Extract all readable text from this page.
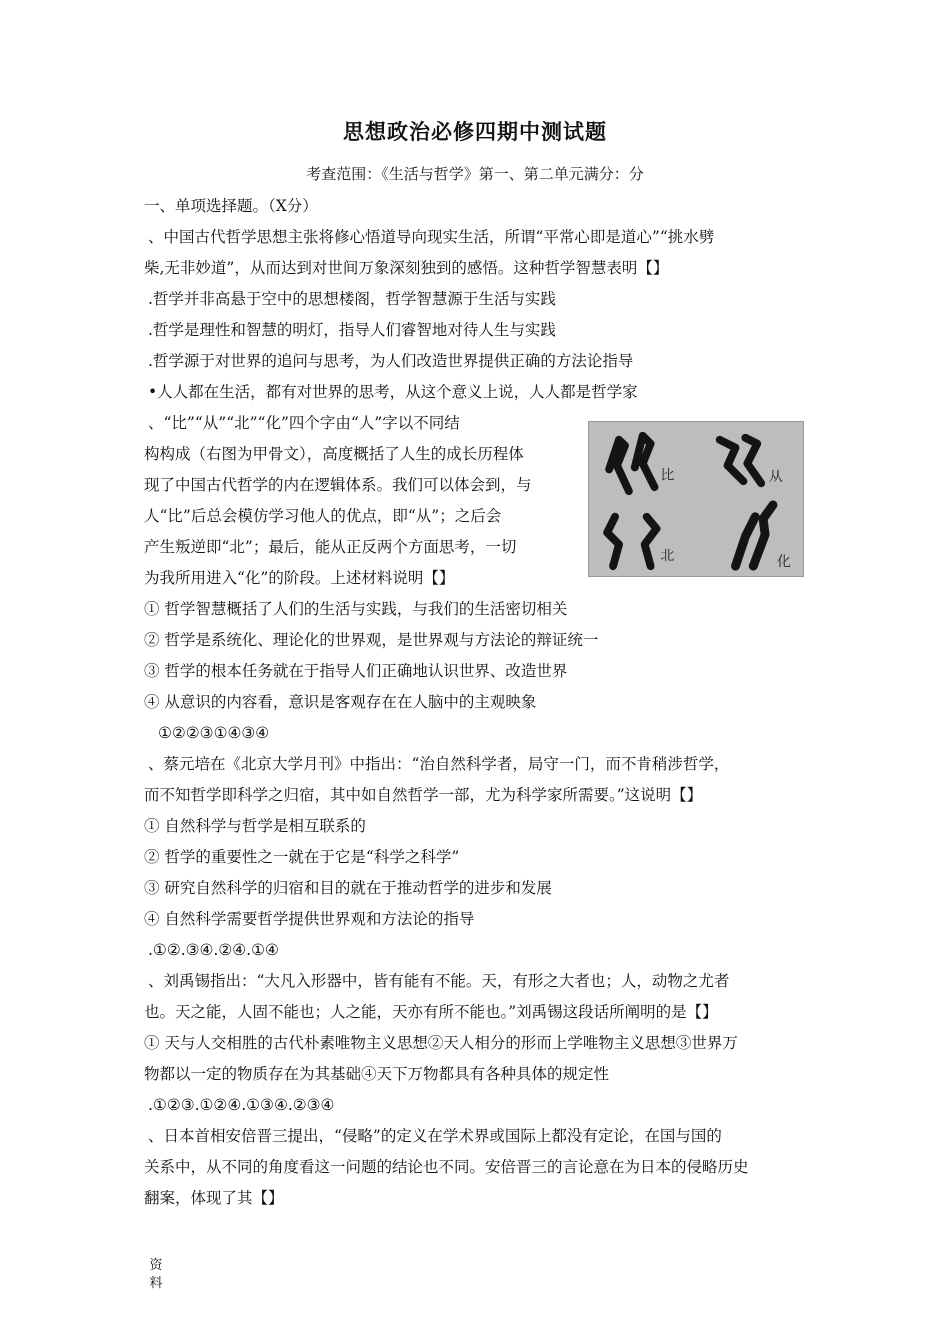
思想政治必修四期中测试题
考查范围：《生活与哲学》第一、第二单元满分：分
一、单项选择题。（X分）
、中国古代哲学思想主张将修心悟道导向现实生活，所谓“平常心即是道心”“挑水劈
柴,无非妙道”，从而达到对世间万象深刻独到的感悟。这种哲学智慧表明【】
.哲学并非高悬于空中的思想楼阁，哲学智慧源于生活与实践
.哲学是理性和智慧的明灯，指导人们睿智地对待人生与实践
.哲学源于对世界的追问与思考，为人们改造世界提供正确的方法论指导
•人人都在生活，都有对世界的思考，从这个意义上说，人人都是哲学家
、“比”“从”“北”“化”四个字由“人”字以不同结
构构成（右图为甲骨文），高度概括了人生的成长历程体
现了中国古代哲学的内在逻辑体系。我们可以体会到，与
人“比”后总会模仿学习他人的优点，即“从”；之后会
产生叛逆即“北”；最后，能从正反两个方面思考，一切
为我所用进入“化”的阶段。上述材料说明【】
比	从
北	化
① 哲学智慧概括了人们的生活与实践，与我们的生活密切相关
② 哲学是系统化、理论化的世界观，是世界观与方法论的辩证统一
③ 哲学的根本任务就在于指导人们正确地认识世界、改造世界
④ 从意识的内容看，意识是客观存在在人脑中的主观映象
①②②③①④③④
、蔡元培在《北京大学月刊》中指出：“治自然科学者，局守一门，而不肯稍涉哲学，
而不知哲学即科学之归宿，其中如自然哲学一部，尤为科学家所需要。”这说明【】
① 自然科学与哲学是相互联系的
② 哲学的重要性之一就在于它是“科学之科学”
③ 研究自然科学的归宿和目的就在于推动哲学的进步和发展
④ 自然科学需要哲学提供世界观和方法论的指导
.①②.③④.②④.①④
、刘禹锡指出：“大凡入形器中，皆有能有不能。天，有形之大者也；人，动物之尤者
也。天之能，人固不能也；人之能，天亦有所不能也。”刘禹锡这段话所阐明的是【】
① 天与人交相胜的古代朴素唯物主义思想②天人相分的形而上学唯物主义思想③世界万
物都以一定的物质存在为其基础④天下万物都具有各种具体的规定性
.①②③.①②④.①③④.②③④
、日本首相安倍晋三提出，“侵略”的定义在学术界或国际上都没有定论，在国与国的
关系中，从不同的角度看这一问题的结论也不同。安倍晋三的言论意在为日本的侵略历史
翻案，体现了其【】
资
料
